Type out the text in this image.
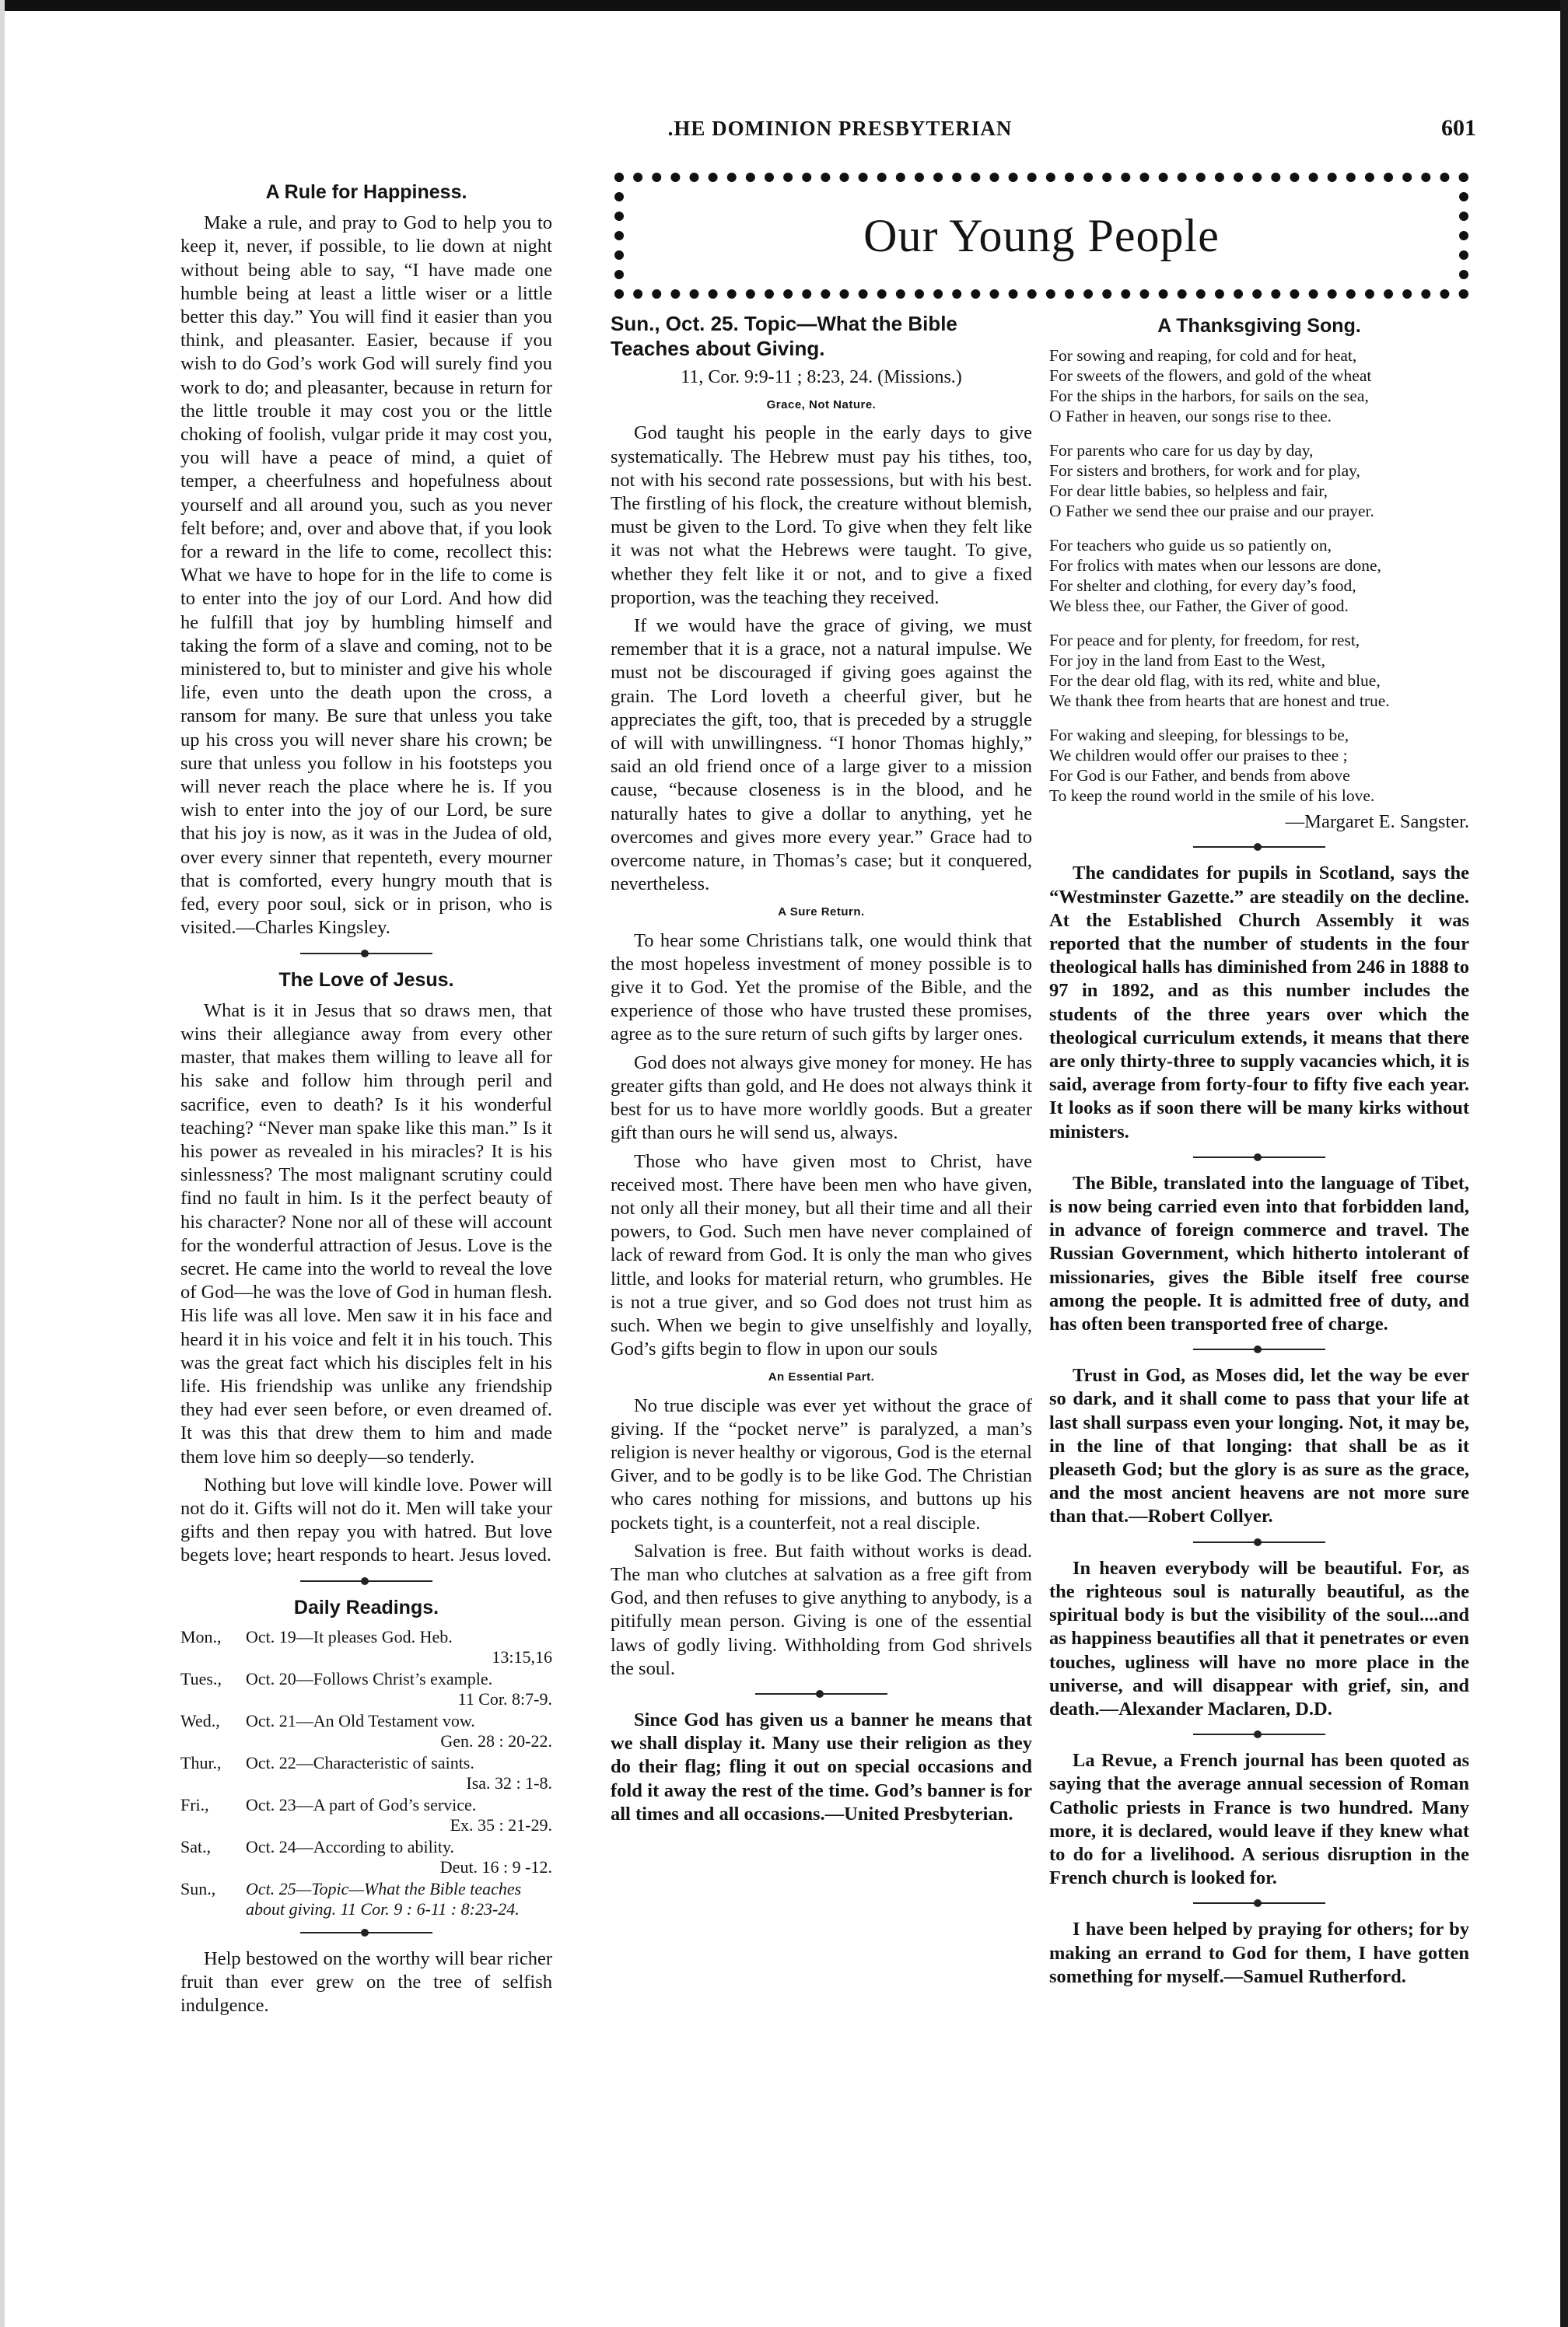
.HE DOMINION PRESBYTERIAN	601
Our Young People
A Rule for Happiness.

Make a rule, and pray to God to help you to keep it, never, if possible, to lie down at night without being able to say, “I have made one humble being at least a little wiser or a little better this day.” You will find it easier than you think, and pleasanter. Easier, because if you wish to do God’s work God will surely find you work to do; and pleasanter, because in return for the little trouble it may cost you or the little choking of foolish, vulgar pride it may cost you, you will have a peace of mind, a quiet of temper, a cheerfulness and hopefulness about yourself and all around you, such as you never felt before; and, over and above that, if you look for a reward in the life to come, recollect this: What we have to hope for in the life to come is to enter into the joy of our Lord. And how did he fulfill that joy by humbling himself and taking the form of a slave and coming, not to be ministered to, but to minister and give his whole life, even unto the death upon the cross, a ransom for many. Be sure that unless you take up his cross you will never share his crown; be sure that unless you follow in his footsteps you will never reach the place where he is. If you wish to enter into the joy of our Lord, be sure that his joy is now, as it was in the Judea of old, over every sinner that repenteth, every mourner that is comforted, every hungry mouth that is fed, every poor soul, sick or in prison, who is visited.—Charles Kingsley.

The Love of Jesus.

What is it in Jesus that so draws men, that wins their allegiance away from every other master, that makes them willing to leave all for his sake and follow him through peril and sacrifice, even to death? Is it his wonderful teaching? “Never man spake like this man.” Is it his power as revealed in his miracles? It is his sinlessness? The most malignant scrutiny could find no fault in him. Is it the perfect beauty of his character? None nor all of these will account for the wonderful attraction of Jesus. Love is the secret. He came into the world to reveal the love of God—he was the love of God in human flesh. His life was all love. Men saw it in his face and heard it in his voice and felt it in his touch. This was the great fact which his disciples felt in his life. His friendship was unlike any friendship they had ever seen before, or even dreamed of. It was this that drew them to him and made them love him so deeply—so tenderly.

Nothing but love will kindle love. Power will not do it. Gifts will not do it. Men will take your gifts and then repay you with hatred. But love begets love; heart responds to heart. Jesus loved.

Daily Readings.
Mon.,	Oct. 19—It pleases God. Heb.
13:15,16
Tues.,	Oct. 20—Follows Christ’s example.
11 Cor. 8:7-9.
Wed.,	Oct. 21—An Old Testament vow.
Gen. 28 : 20-22.
Thur.,	Oct. 22—Characteristic of saints.
Isa. 32 : 1-8.
Fri.,	Oct. 23—A part of God’s service.
Ex. 35 : 21-29.
Sat.,	Oct. 24—According to ability.
Deut. 16 : 9 -12.
Sun.,	Oct. 25—Topic—What the Bible teaches about giving. 11 Cor. 9 : 6-11 : 8:23-24.

Help bestowed on the worthy will bear richer fruit than ever grew on the tree of selfish indulgence.

Sun., Oct. 25. Topic—What the Bible Teaches about Giving.

11, Cor. 9:9-11 ; 8:23, 24. (Missions.)
Grace, Not Nature.

God taught his people in the early days to give systematically. The Hebrew must pay his tithes, too, not with his second rate possessions, but with his best. The firstling of his flock, the creature without blemish, must be given to the Lord. To give when they felt like it was not what the Hebrews were taught. To give, whether they felt like it or not, and to give a fixed proportion, was the teaching they received.

If we would have the grace of giving, we must remember that it is a grace, not a natural impulse. We must not be discouraged if giving goes against the grain. The Lord loveth a cheerful giver, but he appreciates the gift, too, that is preceded by a struggle of will with unwillingness. “I honor Thomas highly,” said an old friend once of a large giver to a mission cause, “because closeness is in the blood, and he naturally hates to give a dollar to anything, yet he overcomes and gives more every year.” Grace had to overcome nature, in Thomas’s case; but it conquered, nevertheless.

A Sure Return.

To hear some Christians talk, one would think that the most hopeless investment of money possible is to give it to God. Yet the promise of the Bible, and the experience of those who have trusted these promises, agree as to the sure return of such gifts by larger ones.

God does not always give money for money. He has greater gifts than gold, and He does not always think it best for us to have more worldly goods. But a greater gift than ours he will send us, always.

Those who have given most to Christ, have received most. There have been men who have given, not only all their money, but all their time and all their powers, to God. Such men have never complained of lack of reward from God. It is only the man who gives little, and looks for material return, who grumbles. He is not a true giver, and so God does not trust him as such. When we begin to give unselfishly and loyally, God’s gifts begin to flow in upon our souls

An Essential Part.

No true disciple was ever yet without the grace of giving. If the “pocket nerve” is paralyzed, a man’s religion is never healthy or vigorous, God is the eternal Giver, and to be godly is to be like God. The Christian who cares nothing for missions, and buttons up his pockets tight, is a counterfeit, not a real disciple.

Salvation is free. But faith without works is dead. The man who clutches at salvation as a free gift from God, and then refuses to give anything to anybody, is a pitifully mean person. Giving is one of the essential laws of godly living. Withholding from God shrivels the soul.

Since God has given us a banner he means that we shall display it. Many use their religion as they do their flag; fling it out on special occasions and fold it away the rest of the time. God’s banner is for all times and all occasions.—United Presbyterian.

A Thanksgiving Song.
For sowing and reaping, for cold and for heat,
For sweets of the flowers, and gold of the wheat
For the ships in the harbors, for sails on the sea,
O Father in heaven, our songs rise to thee.
For parents who care for us day by day,
For sisters and brothers, for work and for play,
For dear little babies, so helpless and fair,
O Father we send thee our praise and our prayer.
For teachers who guide us so patiently on,
For frolics with mates when our lessons are done,
For shelter and clothing, for every day’s food,
We bless thee, our Father, the Giver of good.
For peace and for plenty, for freedom, for rest,
For joy in the land from East to the West,
For the dear old flag, with its red, white and blue,
We thank thee from hearts that are honest and true.
For waking and sleeping, for blessings to be,
We children would offer our praises to thee ;
For God is our Father, and bends from above
To keep the round world in the smile of his love.
—Margaret E. Sangster.

The candidates for pupils in Scotland, says the “Westminster Gazette.” are steadily on the decline. At the Established Church Assembly it was reported that the number of students in the four theological halls has diminished from 246 in 1888 to 97 in 1892, and as this number includes the students of the three years over which the theological curriculum extends, it means that there are only thirty-three to supply vacancies which, it is said, average from forty-four to fifty five each year. It looks as if soon there will be many kirks without ministers.

The Bible, translated into the language of Tibet, is now being carried even into that forbidden land, in advance of foreign commerce and travel. The Russian Government, which hitherto intolerant of missionaries, gives the Bible itself free course among the people. It is admitted free of duty, and has often been transported free of charge.

Trust in God, as Moses did, let the way be ever so dark, and it shall come to pass that your life at last shall surpass even your longing. Not, it may be, in the line of that longing: that shall be as it pleaseth God; but the glory is as sure as the grace, and the most ancient heavens are not more sure than that.—Robert Collyer.

In heaven everybody will be beautiful. For, as the righteous soul is naturally beautiful, as the spiritual body is but the visibility of the soul....and as happiness beautifies all that it penetrates or even touches, ugliness will have no more place in the universe, and will disappear with grief, sin, and death.—Alexander Maclaren, D.D.

La Revue, a French journal has been quoted as saying that the average annual secession of Roman Catholic priests in France is two hundred. Many more, it is declared, would leave if they knew what to do for a livelihood. A serious disruption in the French church is looked for.

I have been helped by praying for others; for by making an errand to God for them, I have gotten something for myself.—Samuel Rutherford.
